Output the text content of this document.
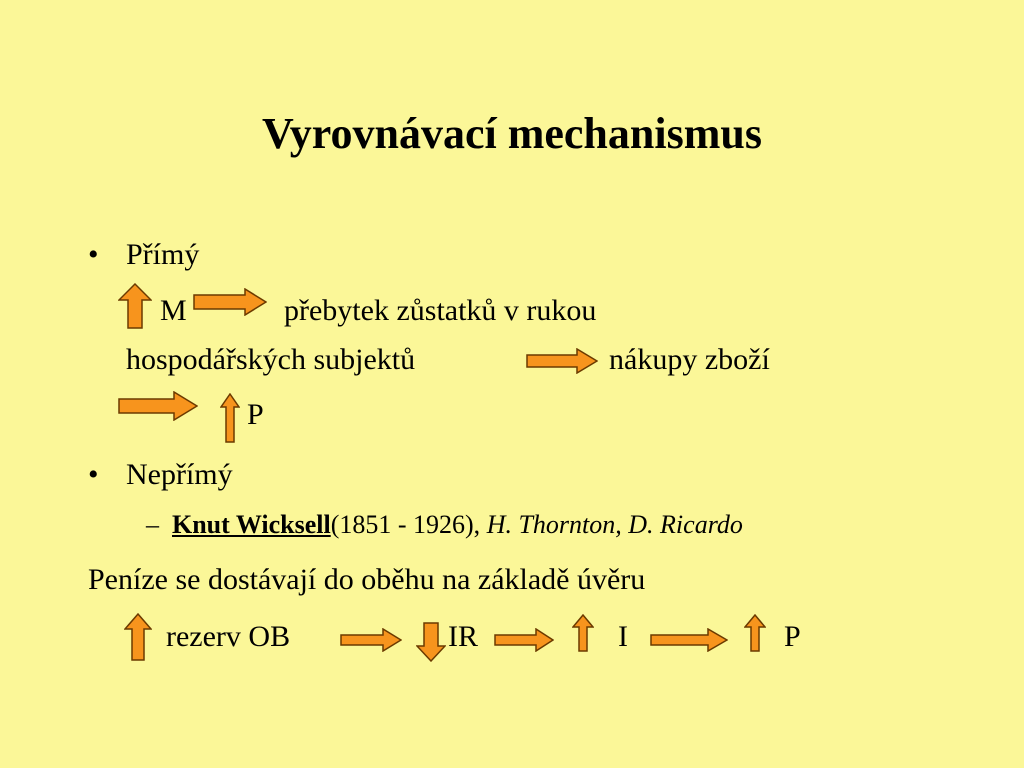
Vyrovnávací mechanismus
• Přímý
M	přebytek zůstatků v rukou
hospodářských subjektů	nákupy zboží
P
• Nepřímý
– Knut Wicksell(1851 - 1926), H. Thornton, D. Ricardo
Peníze se dostávají do oběhu na základě úvěru
rezerv OB	IR	I	P
